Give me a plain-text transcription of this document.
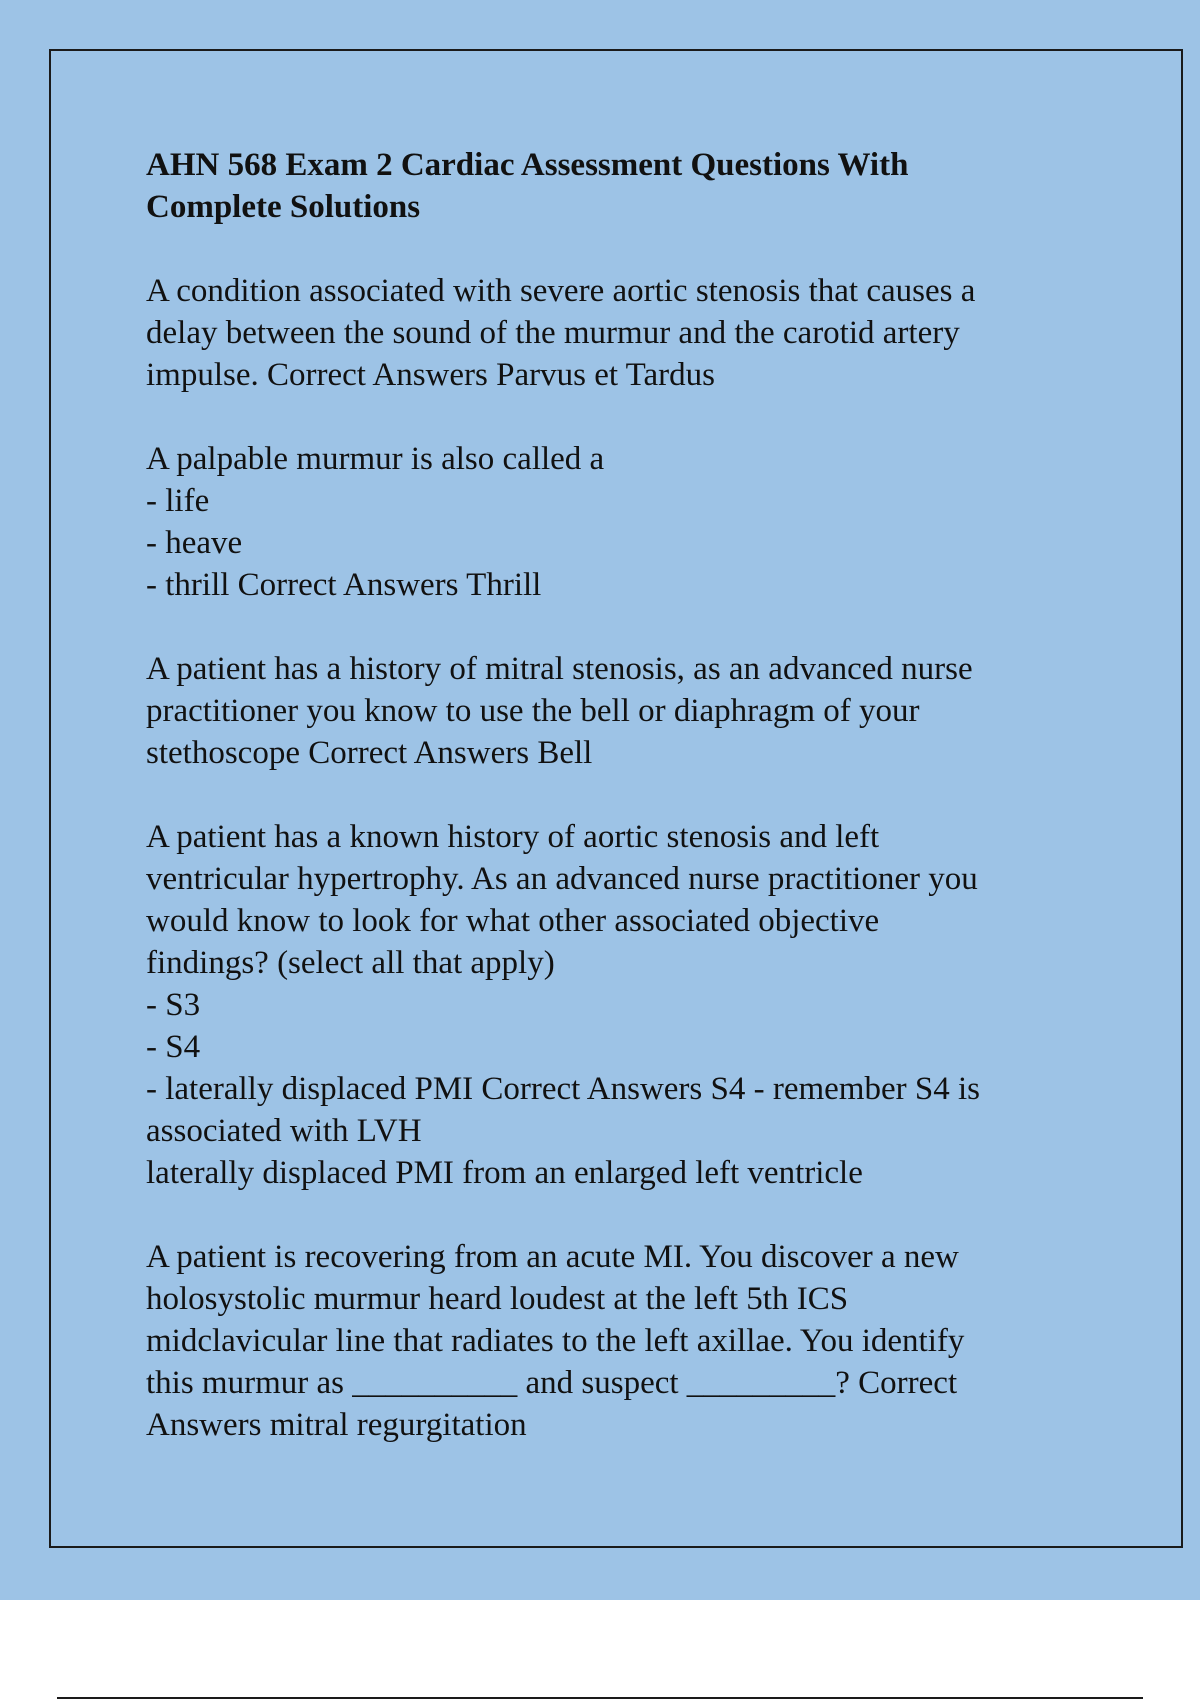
AHN 568 Exam 2 Cardiac Assessment Questions With
Complete Solutions

A condition associated with severe aortic stenosis that causes a
delay between the sound of the murmur and the carotid artery
impulse. Correct Answers Parvus et Tardus

A palpable murmur is also called a
- life
- heave
- thrill Correct Answers Thrill

A patient has a history of mitral stenosis, as an advanced nurse
practitioner you know to use the bell or diaphragm of your
stethoscope Correct Answers Bell

A patient has a known history of aortic stenosis and left
ventricular hypertrophy. As an advanced nurse practitioner you
would know to look for what other associated objective
findings? (select all that apply)
- S3
- S4
- laterally displaced PMI Correct Answers S4 - remember S4 is
associated with LVH
laterally displaced PMI from an enlarged left ventricle

A patient is recovering from an acute MI. You discover a new
holosystolic murmur heard loudest at the left 5th ICS
midclavicular line that radiates to the left axillae. You identify
this murmur as __________ and suspect _________? Correct
Answers mitral regurgitation
